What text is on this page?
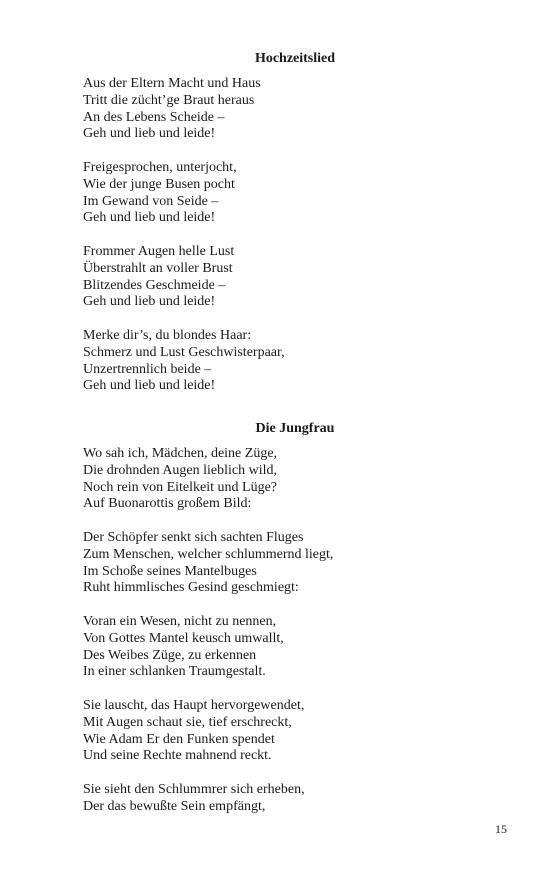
Hochzeitslied
Aus der Eltern Macht und Haus
Tritt die zücht’ge Braut heraus
An des Lebens Scheide –
Geh und lieb und leide!
Freigesprochen, unterjocht,
Wie der junge Busen pocht
Im Gewand von Seide –
Geh und lieb und leide!
Frommer Augen helle Lust
Überstrahlt an voller Brust
Blitzendes Geschmeide –
Geh und lieb und leide!
Merke dir’s, du blondes Haar:
Schmerz und Lust Geschwisterpaar,
Unzertrennlich beide –
Geh und lieb und leide!
Die Jungfrau
Wo sah ich, Mädchen, deine Züge,
Die drohnden Augen lieblich wild,
Noch rein von Eitelkeit und Lüge?
Auf Buonarottis großem Bild:
Der Schöpfer senkt sich sachten Fluges
Zum Menschen, welcher schlummernd liegt,
Im Schoße seines Mantelbuges
Ruht himmlisches Gesind geschmiegt:
Voran ein Wesen, nicht zu nennen,
Von Gottes Mantel keusch umwallt,
Des Weibes Züge, zu erkennen
In einer schlanken Traumgestalt.
Sie lauscht, das Haupt hervorgewendet,
Mit Augen schaut sie, tief erschreckt,
Wie Adam Er den Funken spendet
Und seine Rechte mahnend reckt.
Sie sieht den Schlummrer sich erheben,
Der das bewußte Sein empfängt,
15
